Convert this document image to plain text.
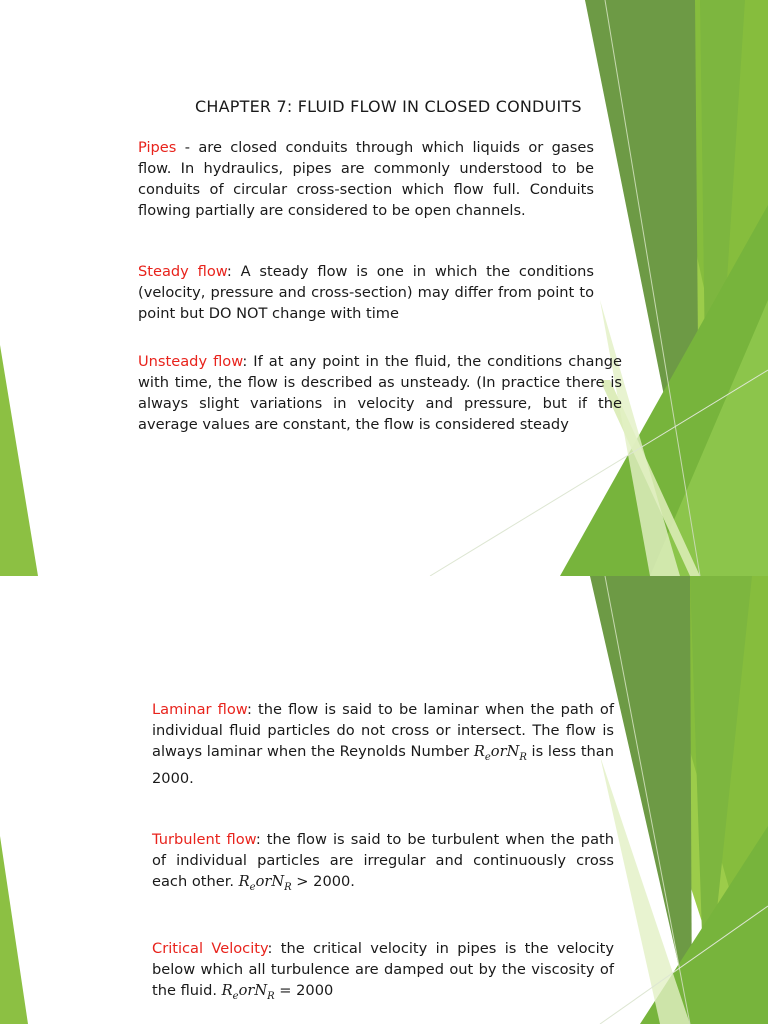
CHAPTER 7: FLUID FLOW IN CLOSED CONDUITS

Pipes - are closed conduits through which liquids or gases flow. In hydraulics, pipes are commonly understood to be conduits of circular cross-section which flow full. Conduits flowing partially are considered to be open channels.

Steady flow: A steady flow is one in which the conditions (velocity, pressure and cross-section) may differ from point to point but DO NOT change with time

Unsteady flow: If at any point in the fluid, the conditions change with time, the flow is described as unsteady. (In practice there is always slight variations in velocity and pressure, but if the average values are constant, the flow is considered steady

Laminar flow: the flow is said to be laminar when the path of individual fluid particles do not cross or intersect. The flow is always laminar when the Reynolds Number $R_eorN_R$ is less than 2000.

Turbulent flow: the flow is said to be turbulent when the path of individual particles are irregular and continuously cross each other. $R_eorN_R > 2000$.

Critical Velocity: the critical velocity in pipes is the velocity below which all turbulence are damped out by the viscosity of the fluid. $R_eorN_R = 2000$
